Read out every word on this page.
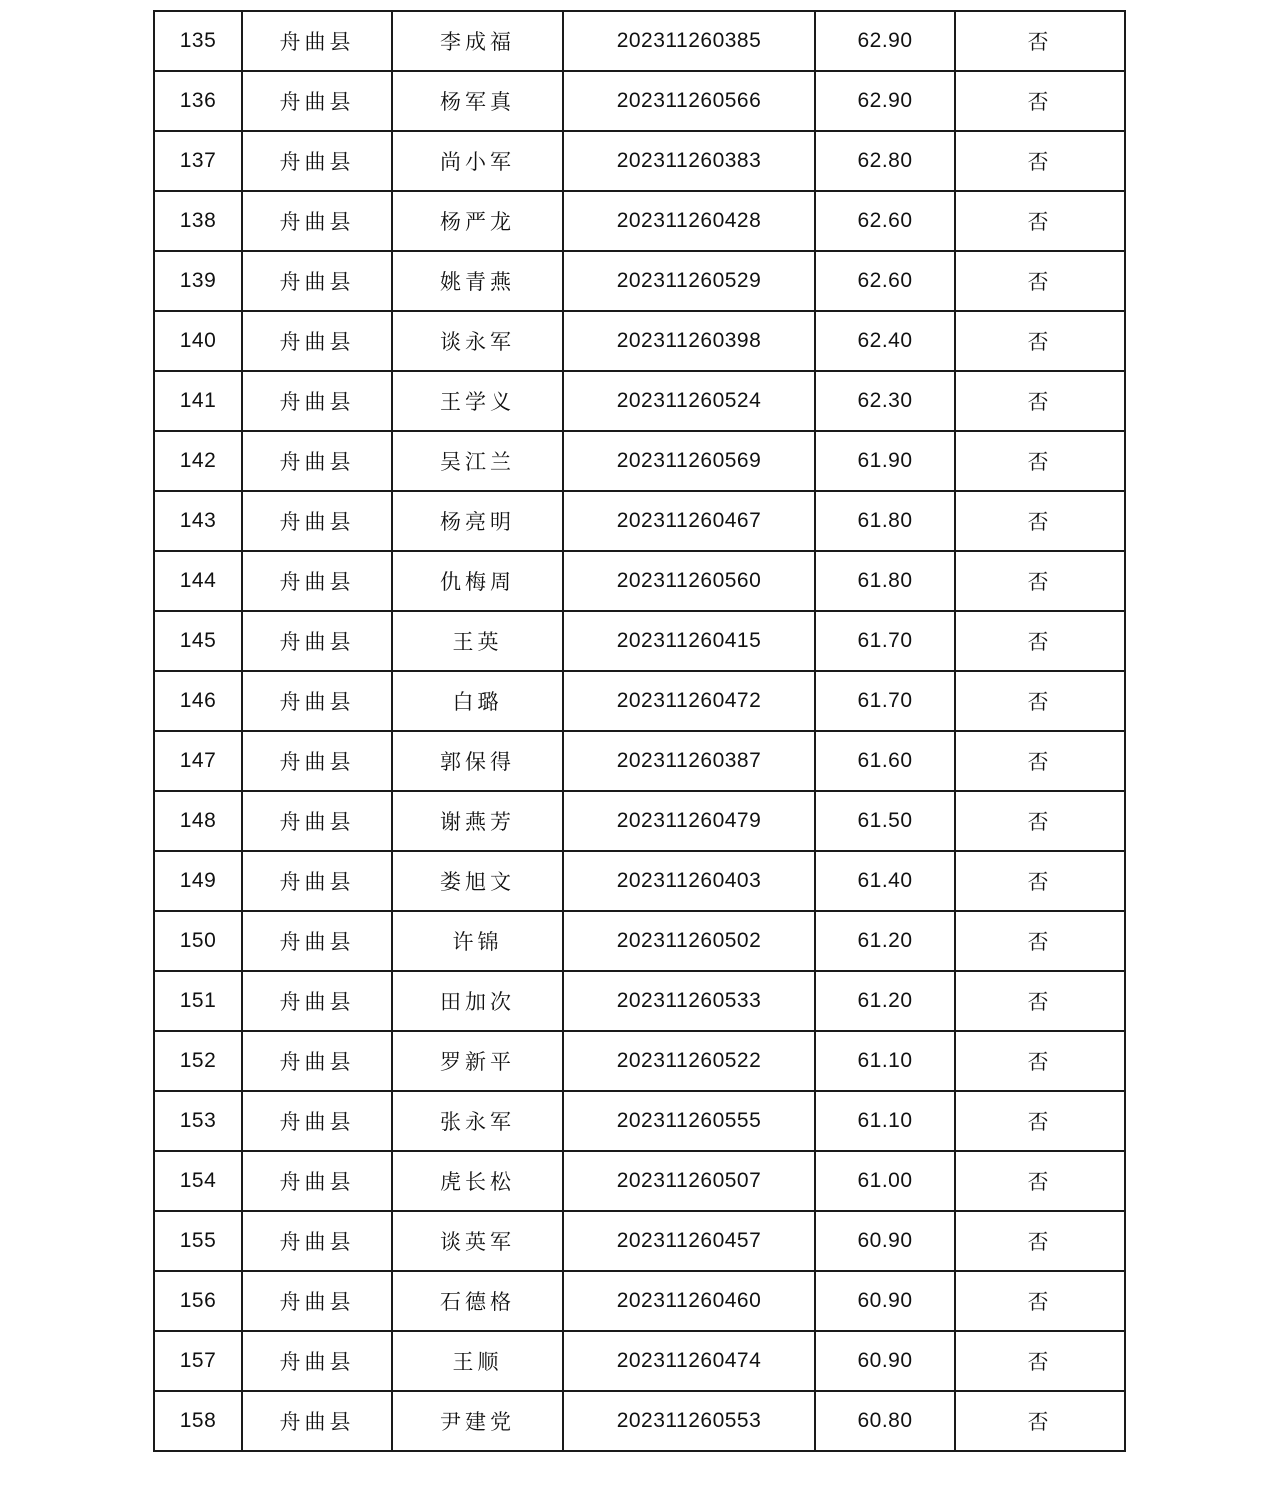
135	舟曲县	李成福	202311260385	62.90	否
136	舟曲县	杨军真	202311260566	62.90	否
137	舟曲县	尚小军	202311260383	62.80	否
138	舟曲县	杨严龙	202311260428	62.60	否
139	舟曲县	姚青燕	202311260529	62.60	否
140	舟曲县	谈永军	202311260398	62.40	否
141	舟曲县	王学义	202311260524	62.30	否
142	舟曲县	吴江兰	202311260569	61.90	否
143	舟曲县	杨亮明	202311260467	61.80	否
144	舟曲县	仇梅周	202311260560	61.80	否
145	舟曲县	王英	202311260415	61.70	否
146	舟曲县	白璐	202311260472	61.70	否
147	舟曲县	郭保得	202311260387	61.60	否
148	舟曲县	谢燕芳	202311260479	61.50	否
149	舟曲县	娄旭文	202311260403	61.40	否
150	舟曲县	许锦	202311260502	61.20	否
151	舟曲县	田加次	202311260533	61.20	否
152	舟曲县	罗新平	202311260522	61.10	否
153	舟曲县	张永军	202311260555	61.10	否
154	舟曲县	虎长松	202311260507	61.00	否
155	舟曲县	谈英军	202311260457	60.90	否
156	舟曲县	石德格	202311260460	60.90	否
157	舟曲县	王顺	202311260474	60.90	否
158	舟曲县	尹建党	202311260553	60.80	否
